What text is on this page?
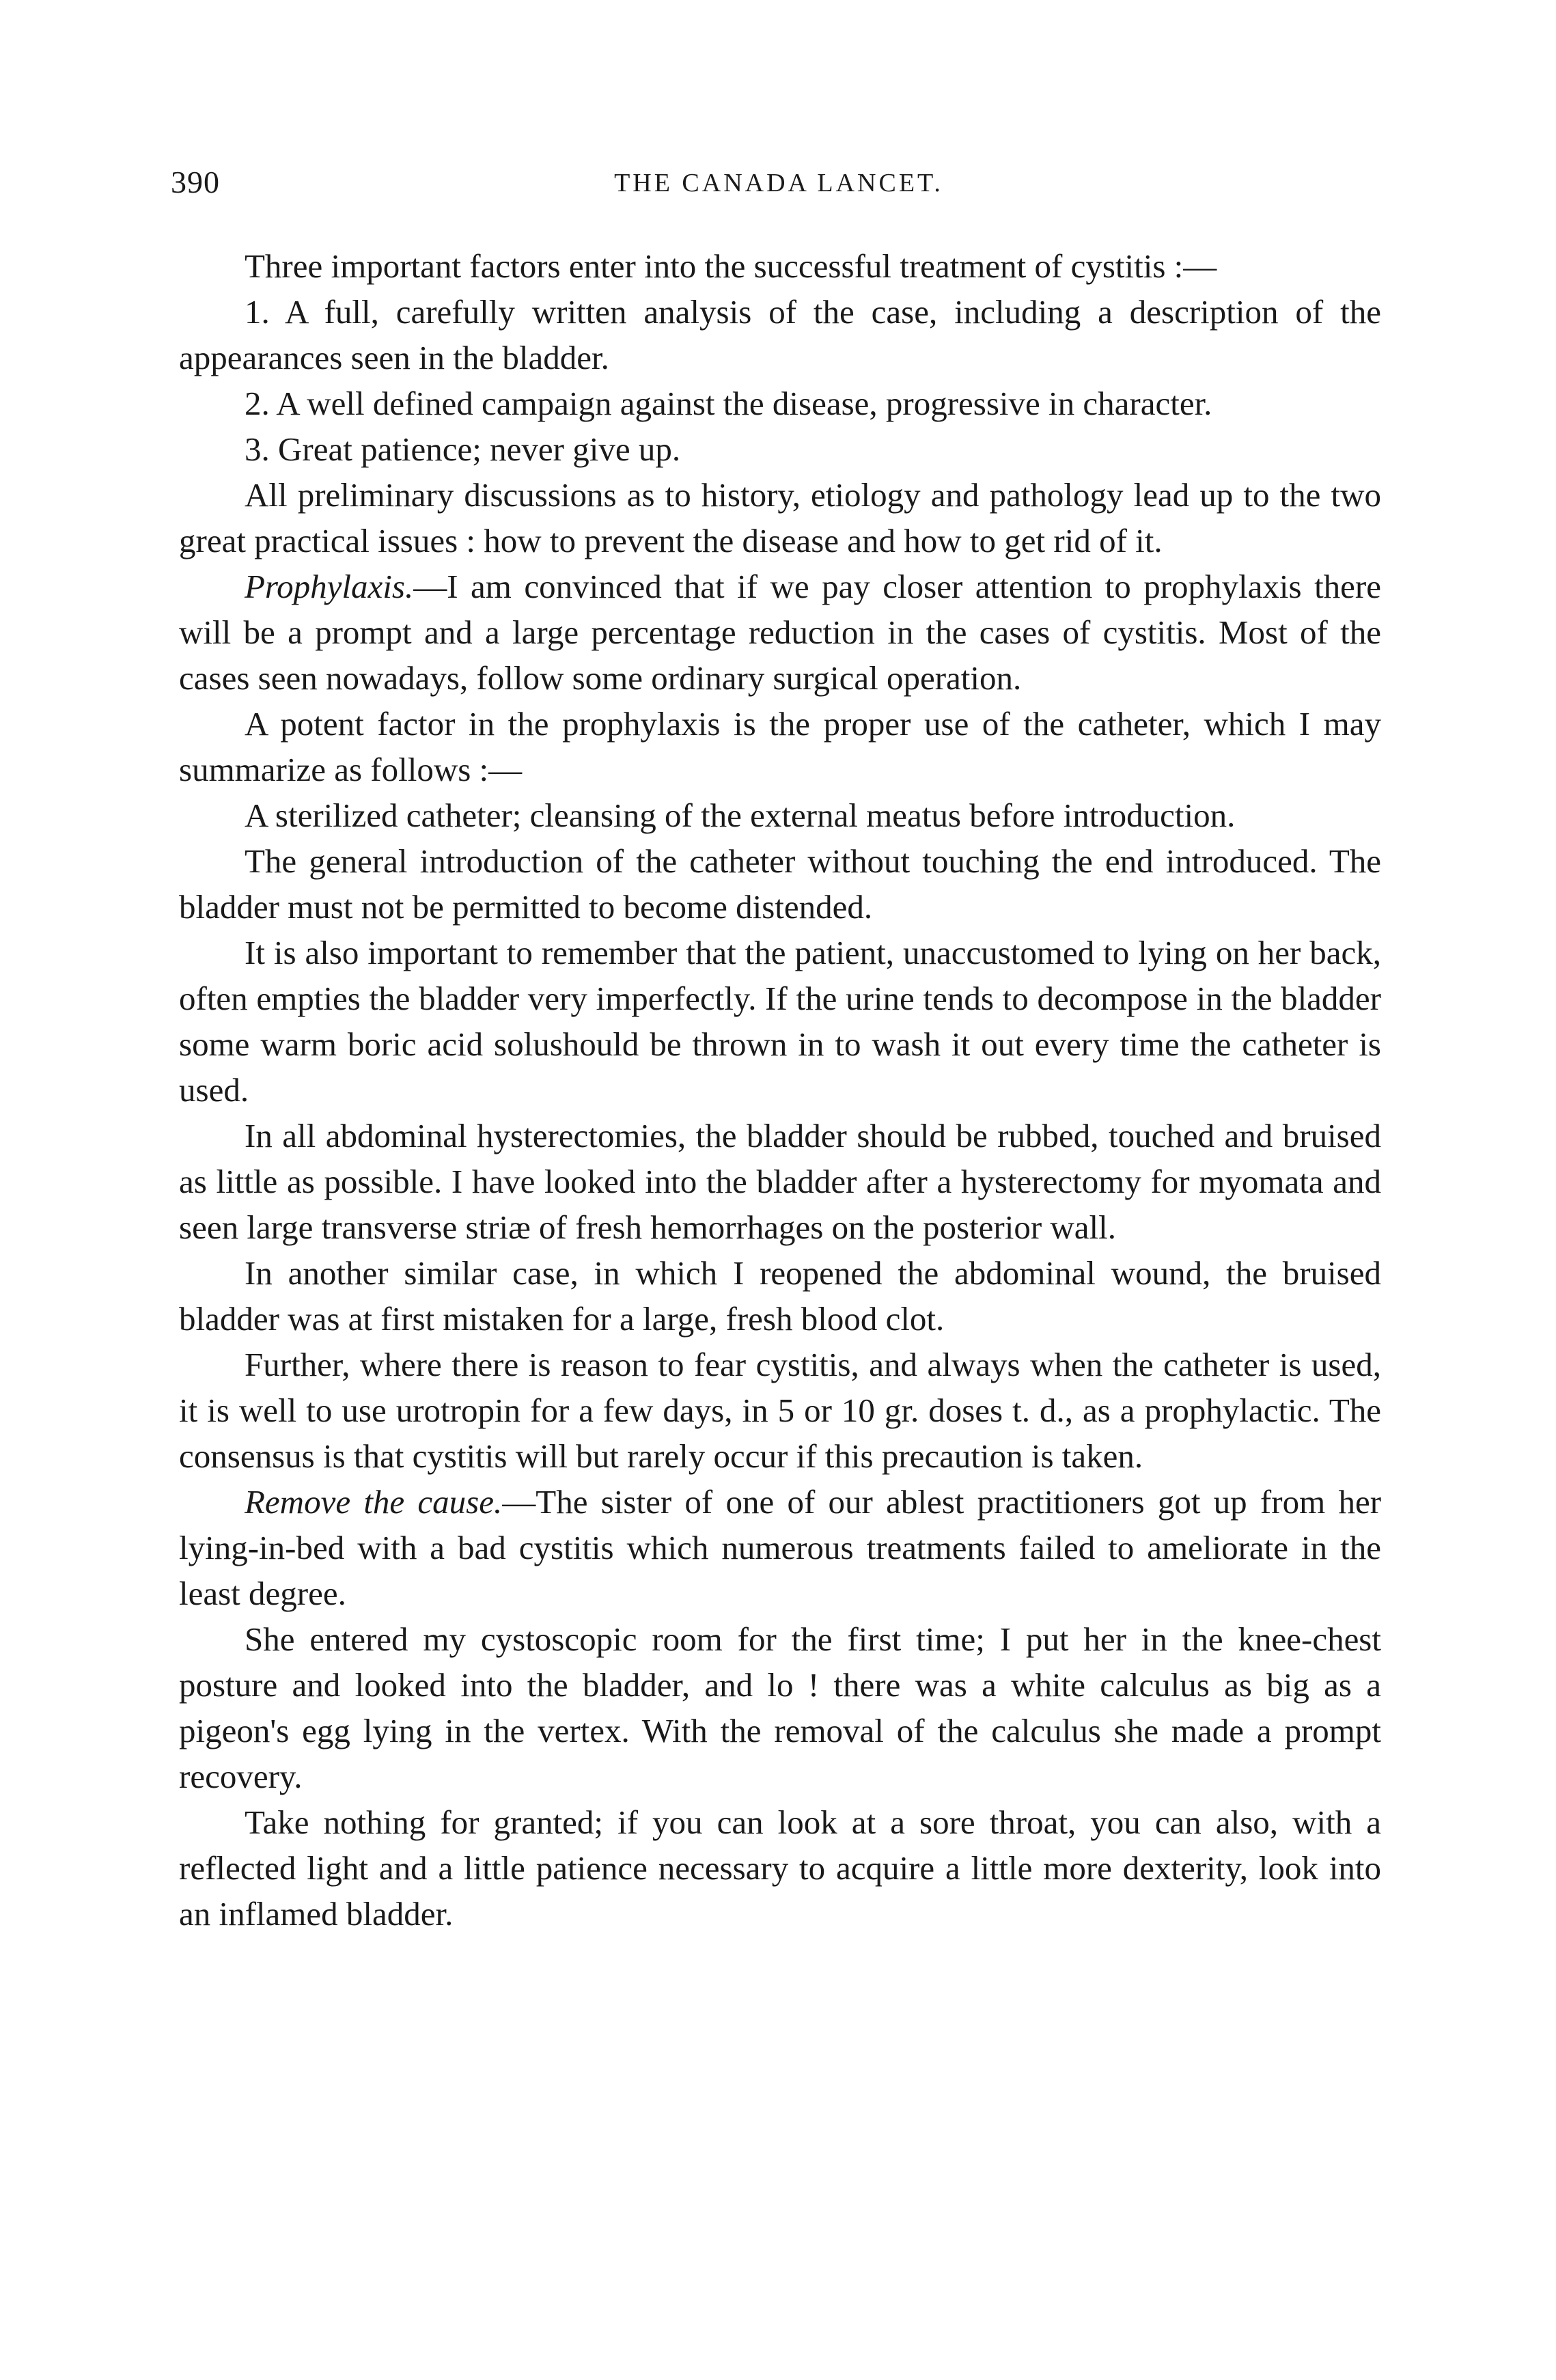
390	THE CANADA LANCET.

Three important factors enter into the successful treatment of cystitis :—

1. A full, carefully written analysis of the case, including a description of the appearances seen in the bladder.

2. A well defined campaign against the disease, progressive in character.

3. Great patience; never give up.

All preliminary discussions as to history, etiology and pathology lead up to the two great practical issues : how to prevent the disease and how to get rid of it.

Prophylaxis.—I am convinced that if we pay closer attention to prophylaxis there will be a prompt and a large percentage reduction in the cases of cystitis. Most of the cases seen nowadays, follow some ordinary surgical operation.

A potent factor in the prophylaxis is the proper use of the catheter, which I may summarize as follows :—

A sterilized catheter; cleansing of the external meatus before introduction.

The general introduction of the catheter without touching the end introduced. The bladder must not be permitted to become distended.

It is also important to remember that the patient, unaccustomed to lying on her back, often empties the bladder very imperfectly. If the urine tends to decompose in the bladder some warm boric acid solushould be thrown in to wash it out every time the catheter is used.

In all abdominal hysterectomies, the bladder should be rubbed, touched and bruised as little as possible. I have looked into the bladder after a hysterectomy for myomata and seen large transverse striæ of fresh hemorrhages on the posterior wall.

In another similar case, in which I reopened the abdominal wound, the bruised bladder was at first mistaken for a large, fresh blood clot.

Further, where there is reason to fear cystitis, and always when the catheter is used, it is well to use urotropin for a few days, in 5 or 10 gr. doses t. d., as a prophylactic. The consensus is that cystitis will but rarely occur if this precaution is taken.

Remove the cause.—The sister of one of our ablest practitioners got up from her lying-in-bed with a bad cystitis which numerous treatments failed to ameliorate in the least degree.

She entered my cystoscopic room for the first time; I put her in the knee-chest posture and looked into the bladder, and lo ! there was a white calculus as big as a pigeon's egg lying in the vertex. With the removal of the calculus she made a prompt recovery.

Take nothing for granted; if you can look at a sore throat, you can also, with a reflected light and a little patience necessary to acquire a little more dexterity, look into an inflamed bladder.
